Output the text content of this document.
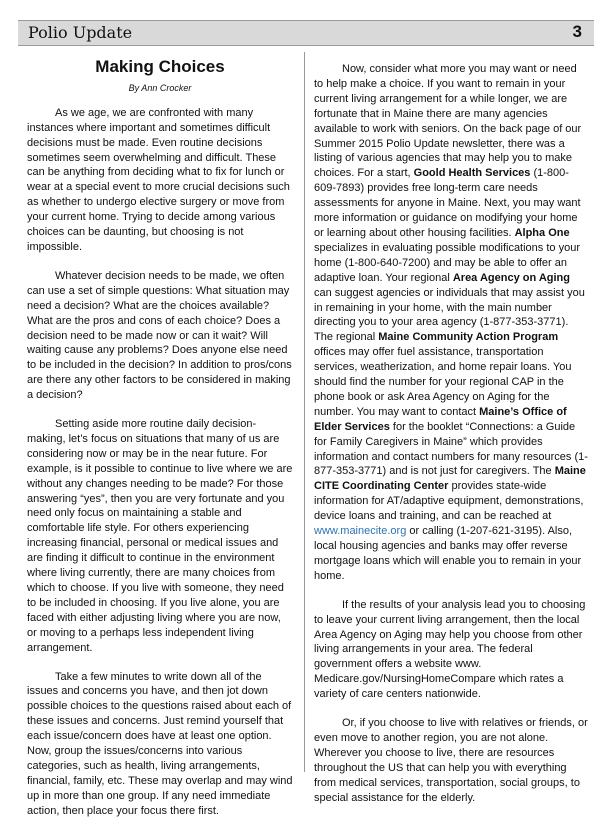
Polio Update	3
Making Choices
By Ann Crocker

As we age, we are confronted with many instances where important and sometimes difficult decisions must be made. Even routine decisions sometimes seem overwhelming and difficult. These can be anything from deciding what to fix for lunch or wear at a special event to more crucial decisions such as whether to undergo elective surgery or move from your current home. Trying to decide among various choices can be daunting, but choosing is not impossible.

Whatever decision needs to be made, we often can use a set of simple questions: What situation may need a decision? What are the choices available? What are the pros and cons of each choice? Does a decision need to be made now or can it wait? Will waiting cause any problems? Does anyone else need to be included in the decision? In addition to pros/cons are there any other factors to be considered in making a decision?

Setting aside more routine daily decision-making, let’s focus on situations that many of us are considering now or may be in the near future. For example, is it possible to continue to live where we are without any changes needing to be made? For those answering “yes”, then you are very fortunate and you need only focus on maintaining a stable and comfortable life style. For others experiencing increasing financial, personal or medical issues and are finding it difficult to continue in the environment where living currently, there are many choices from which to choose. If you live with someone, they need to be included in choosing. If you live alone, you are faced with either adjusting living where you are now, or moving to a perhaps less independent living arrangement.

Take a few minutes to write down all of the issues and concerns you have, and then jot down possible choices to the questions raised about each of these issues and concerns. Just remind yourself that each issue/concern does have at least one option. Now, group the issues/concerns into various categories, such as health, living arrangements, financial, family, etc. These may overlap and may wind up in more than one group. If any need immediate action, then place your focus there first.

Now, consider what more you may want or need to help make a choice. If you want to remain in your current living arrangement for a while longer, we are fortunate that in Maine there are many agencies available to work with seniors. On the back page of our Summer 2015 Polio Update newsletter, there was a listing of various agencies that may help you to make choices. For a start, Goold Health Services (1-800-609-7893) provides free long-term care needs assessments for anyone in Maine. Next, you may want more information or guidance on modifying your home or learning about other housing facilities. Alpha One specializes in evaluating possible modifications to your home (1-800-640-7200) and may be able to offer an adaptive loan. Your regional Area Agency on Aging can suggest agencies or individuals that may assist you in remaining in your home, with the main number directing you to your area agency (1-877-353-3771). The regional Maine Community Action Program offices may offer fuel assistance, transportation services, weatherization, and home repair loans. You should find the number for your regional CAP in the phone book or ask Area Agency on Aging for the number. You may want to contact Maine’s Office of Elder Services for the booklet “Connections: a Guide for Family Caregivers in Maine” which provides information and contact numbers for many resources (1-877-353-3771) and is not just for caregivers. The Maine CITE Coordinating Center provides state-wide information for AT/adaptive equipment, demonstrations, device loans and training, and can be reached at www.mainecite.org or calling (1-207-621-3195). Also, local housing agencies and banks may offer reverse mortgage loans which will enable you to remain in your home.

If the results of your analysis lead you to choosing to leave your current living arrangement, then the local Area Agency on Aging may help you choose from other living arrangements in your area. The federal government offers a website www. Medicare.gov/NursingHomeCompare which rates a variety of care centers nationwide.

Or, if you choose to live with relatives or friends, or even move to another region, you are not alone. Wherever you choose to live, there are resources throughout the US that can help you with everything from medical services, transportation, social groups, to special assistance for the elderly.
